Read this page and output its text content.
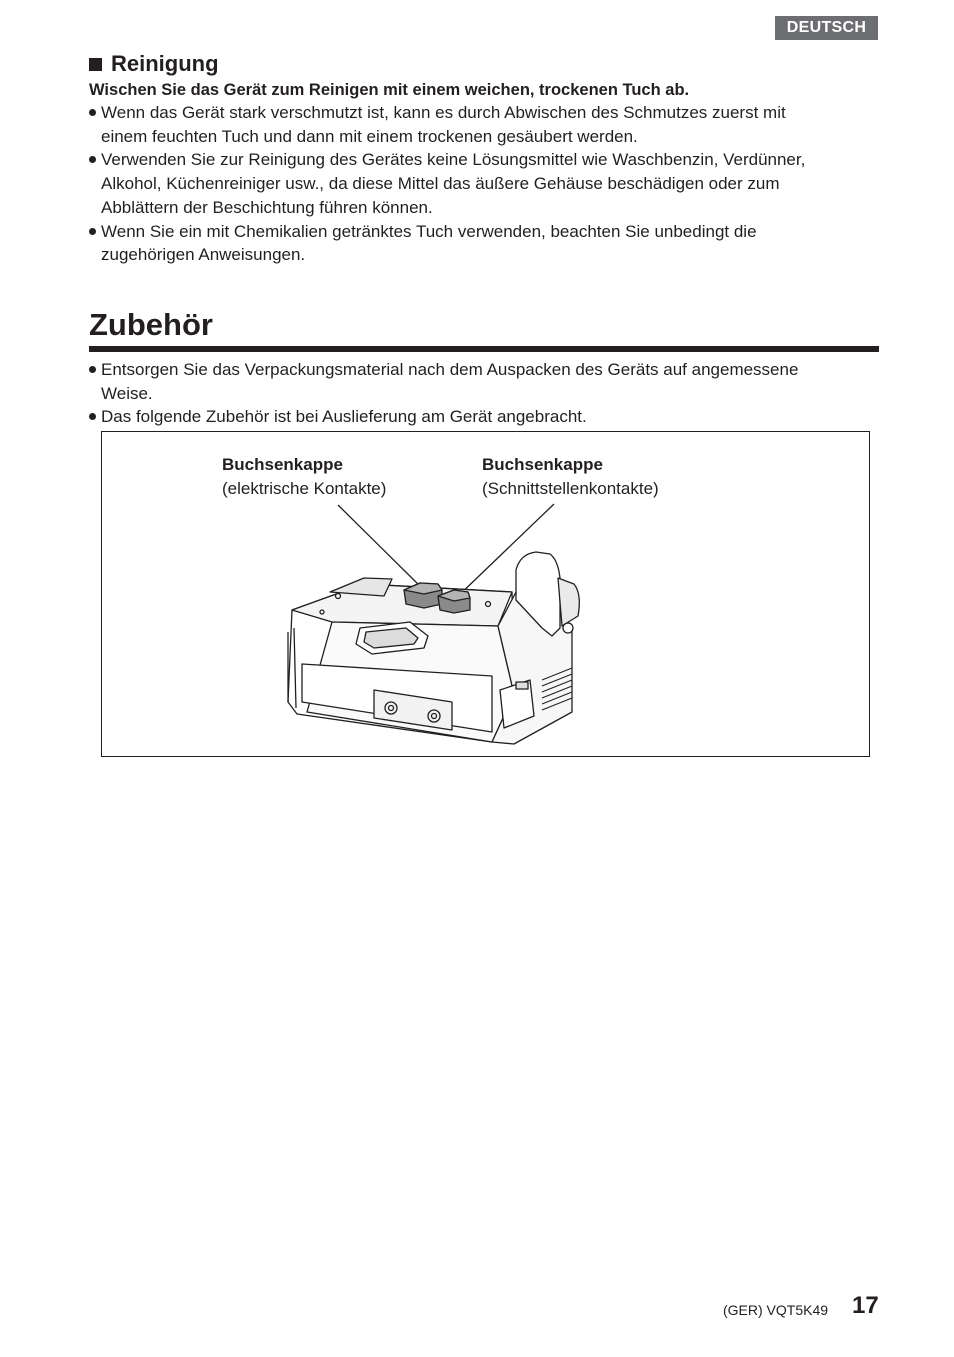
DEUTSCH
Reinigung
Wischen Sie das Gerät zum Reinigen mit einem weichen, trockenen Tuch ab.
Wenn das Gerät stark verschmutzt ist, kann es durch Abwischen des Schmutzes zuerst mit
einem feuchten Tuch und dann mit einem trockenen gesäubert werden.
Verwenden Sie zur Reinigung des Gerätes keine Lösungsmittel wie Waschbenzin, Verdünner,
Alkohol, Küchenreiniger usw., da diese Mittel das äußere Gehäuse beschädigen oder zum
Abblättern der Beschichtung führen können.
Wenn Sie ein mit Chemikalien getränktes Tuch verwenden, beachten Sie unbedingt die
zugehörigen Anweisungen.
Zubehör
Entsorgen Sie das Verpackungsmaterial nach dem Auspacken des Geräts auf angemessene
Weise.
Das folgende Zubehör ist bei Auslieferung am Gerät angebracht.
Buchsenkappe
(elektrische Kontakte)
Buchsenkappe
(Schnittstellenkontakte)
(GER) VQT5K49 17
